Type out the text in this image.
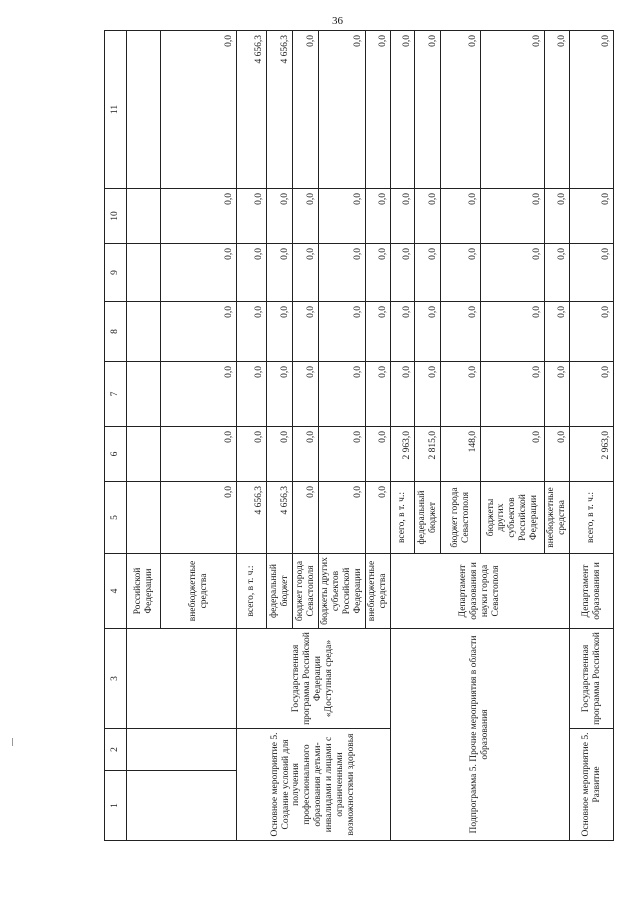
36
1	2	3	4	5	6	7	8	9	10	11	
			Российской Федерации								
			внебюджетные средства	0,0	0,0	0,0	0,0	0,0	0,0	0,0	
Основное мероприятие 5. Создание условий для получения профессионального образования детьми-инвалидами и лицами с ограниченными возможностями здоровья		Государственная программа Российской Федерации «Доступная среда»	всего, в т. ч.:	4 656,3	0,0	0,0	0,0	0,0	0,0	4 656,3	
			федеральный бюджет	4 656,3	0,0	0,0	0,0	0,0	0,0	4 656,3	
			бюджет города Севастополя	0,0	0,0	0,0	0,0	0,0	0,0	0,0	
			бюджеты других субъектов Российской Федерации	0,0	0,0	0,0	0,0	0,0	0,0	0,0	
			внебюджетные средства	0,0	0,0	0,0	0,0	0,0	0,0	0,0	
Подпрограмма 5. Прочие мероприятия в области образования			Департамент образования и науки города Севастополя	всего, в т. ч.:	2 963,0	0,0	0,0	0,0	0,0	0,0	
				федеральный бюджет	2 815,0	0,0	0,0	0,0	0,0	0,0	
				бюджет города Севастополя	148,0	0,0	0,0	0,0	0,0	0,0	
				бюджеты других субъектов Российской Федерации	0,0	0,0	0,0	0,0	0,0	0,0	
				внебюджетные средства	0,0	0,0	0,0	0,0	0,0	0,0	
Основное мероприятие 5. Развитие		Государственная программа Российской	Департамент образования и	всего, в т. ч.:	2 963,0	0,0	0,0	0,0	0,0	0,0	
